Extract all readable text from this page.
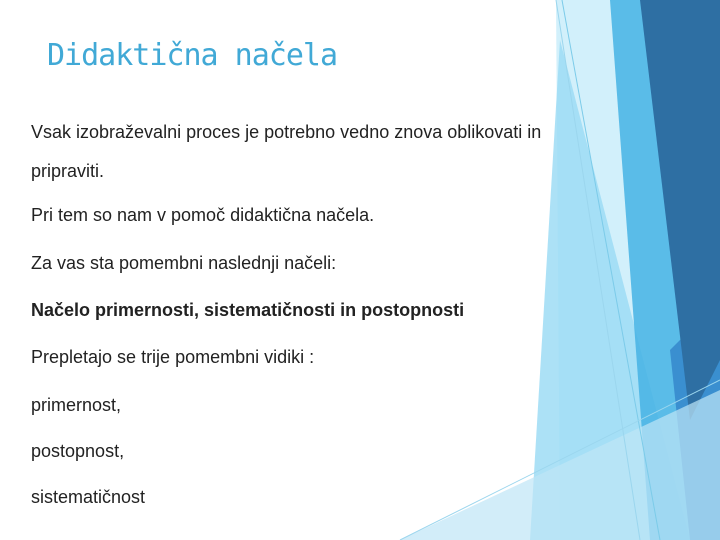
Didaktična načela
Vsak izobraževalni proces je potrebno vedno znova oblikovati in
pripraviti.
Pri tem so nam v pomoč didaktična načela.
Za vas sta pomembni naslednji načeli:
Načelo primernosti, sistematičnosti in postopnosti
Prepletajo se trije pomembni vidiki :
primernost,
postopnost,
sistematičnost
